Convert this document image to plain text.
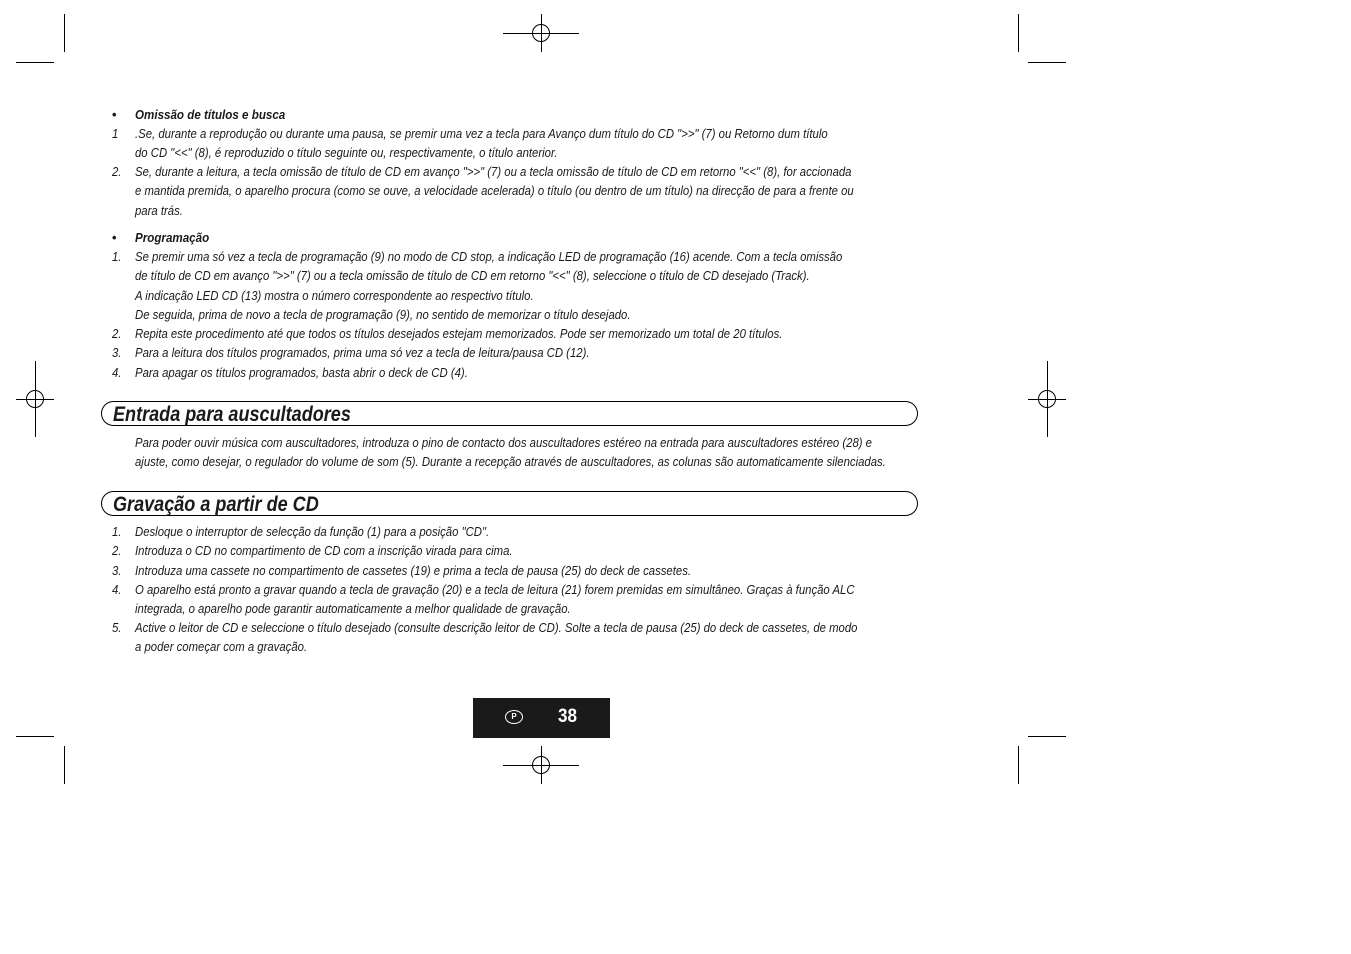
• Omissão de títulos e busca
1 .Se, durante a reprodução ou durante uma pausa, se premir uma vez a tecla para Avanço dum título do CD ">>" (7) ou Retorno dum título
do CD "<<" (8), é reproduzido o título seguinte ou, respectivamente, o título anterior.
2. Se, durante a leitura, a tecla omissão de título de CD em avanço ">>" (7) ou a tecla omissão de título de CD em retorno "<<" (8), for accionada
e mantida premida, o aparelho procura (como se ouve, a velocidade acelerada) o título (ou dentro de um título) na direcção de para a frente ou
para trás.
• Programação
1. Se premir uma só vez a tecla de programação (9) no modo de CD stop, a indicação LED de programação (16) acende. Com a tecla omissão
de título de CD em avanço ">>" (7) ou a tecla omissão de título de CD em retorno "<<" (8), seleccione o título de CD desejado (Track).
A indicação LED CD (13) mostra o número correspondente ao respectivo título.
De seguida, prima de novo a tecla de programação (9), no sentido de memorizar o título desejado.
2. Repita este procedimento até que todos os títulos desejados estejam memorizados. Pode ser memorizado um total de 20 títulos.
3. Para a leitura dos títulos programados, prima uma só vez a tecla de leitura/pausa CD (12).
4. Para apagar os títulos programados, basta abrir o deck de CD (4).
Entrada para auscultadores
Para poder ouvir música com auscultadores, introduza o pino de contacto dos auscultadores estéreo na entrada para auscultadores estéreo (28) e
ajuste, como desejar, o regulador do volume de som (5). Durante a recepção através de auscultadores, as colunas são automaticamente silenciadas.
Gravação a partir de CD
1. Desloque o interruptor de selecção da função (1) para a posição "CD".
2. Introduza o CD no compartimento de CD com a inscrição virada para cima.
3. Introduza uma cassete no compartimento de cassetes (19) e prima a tecla de pausa (25) do deck de cassetes.
4. O aparelho está pronto a gravar quando a tecla de gravação (20) e a tecla de leitura (21) forem premidas em simultâneo. Graças à função ALC
integrada, o aparelho pode garantir automaticamente a melhor qualidade de gravação.
5. Active o leitor de CD e seleccione o título desejado (consulte descrição leitor de CD). Solte a tecla de pausa (25) do deck de cassetes, de modo
a poder começar com a gravação.
P	38
